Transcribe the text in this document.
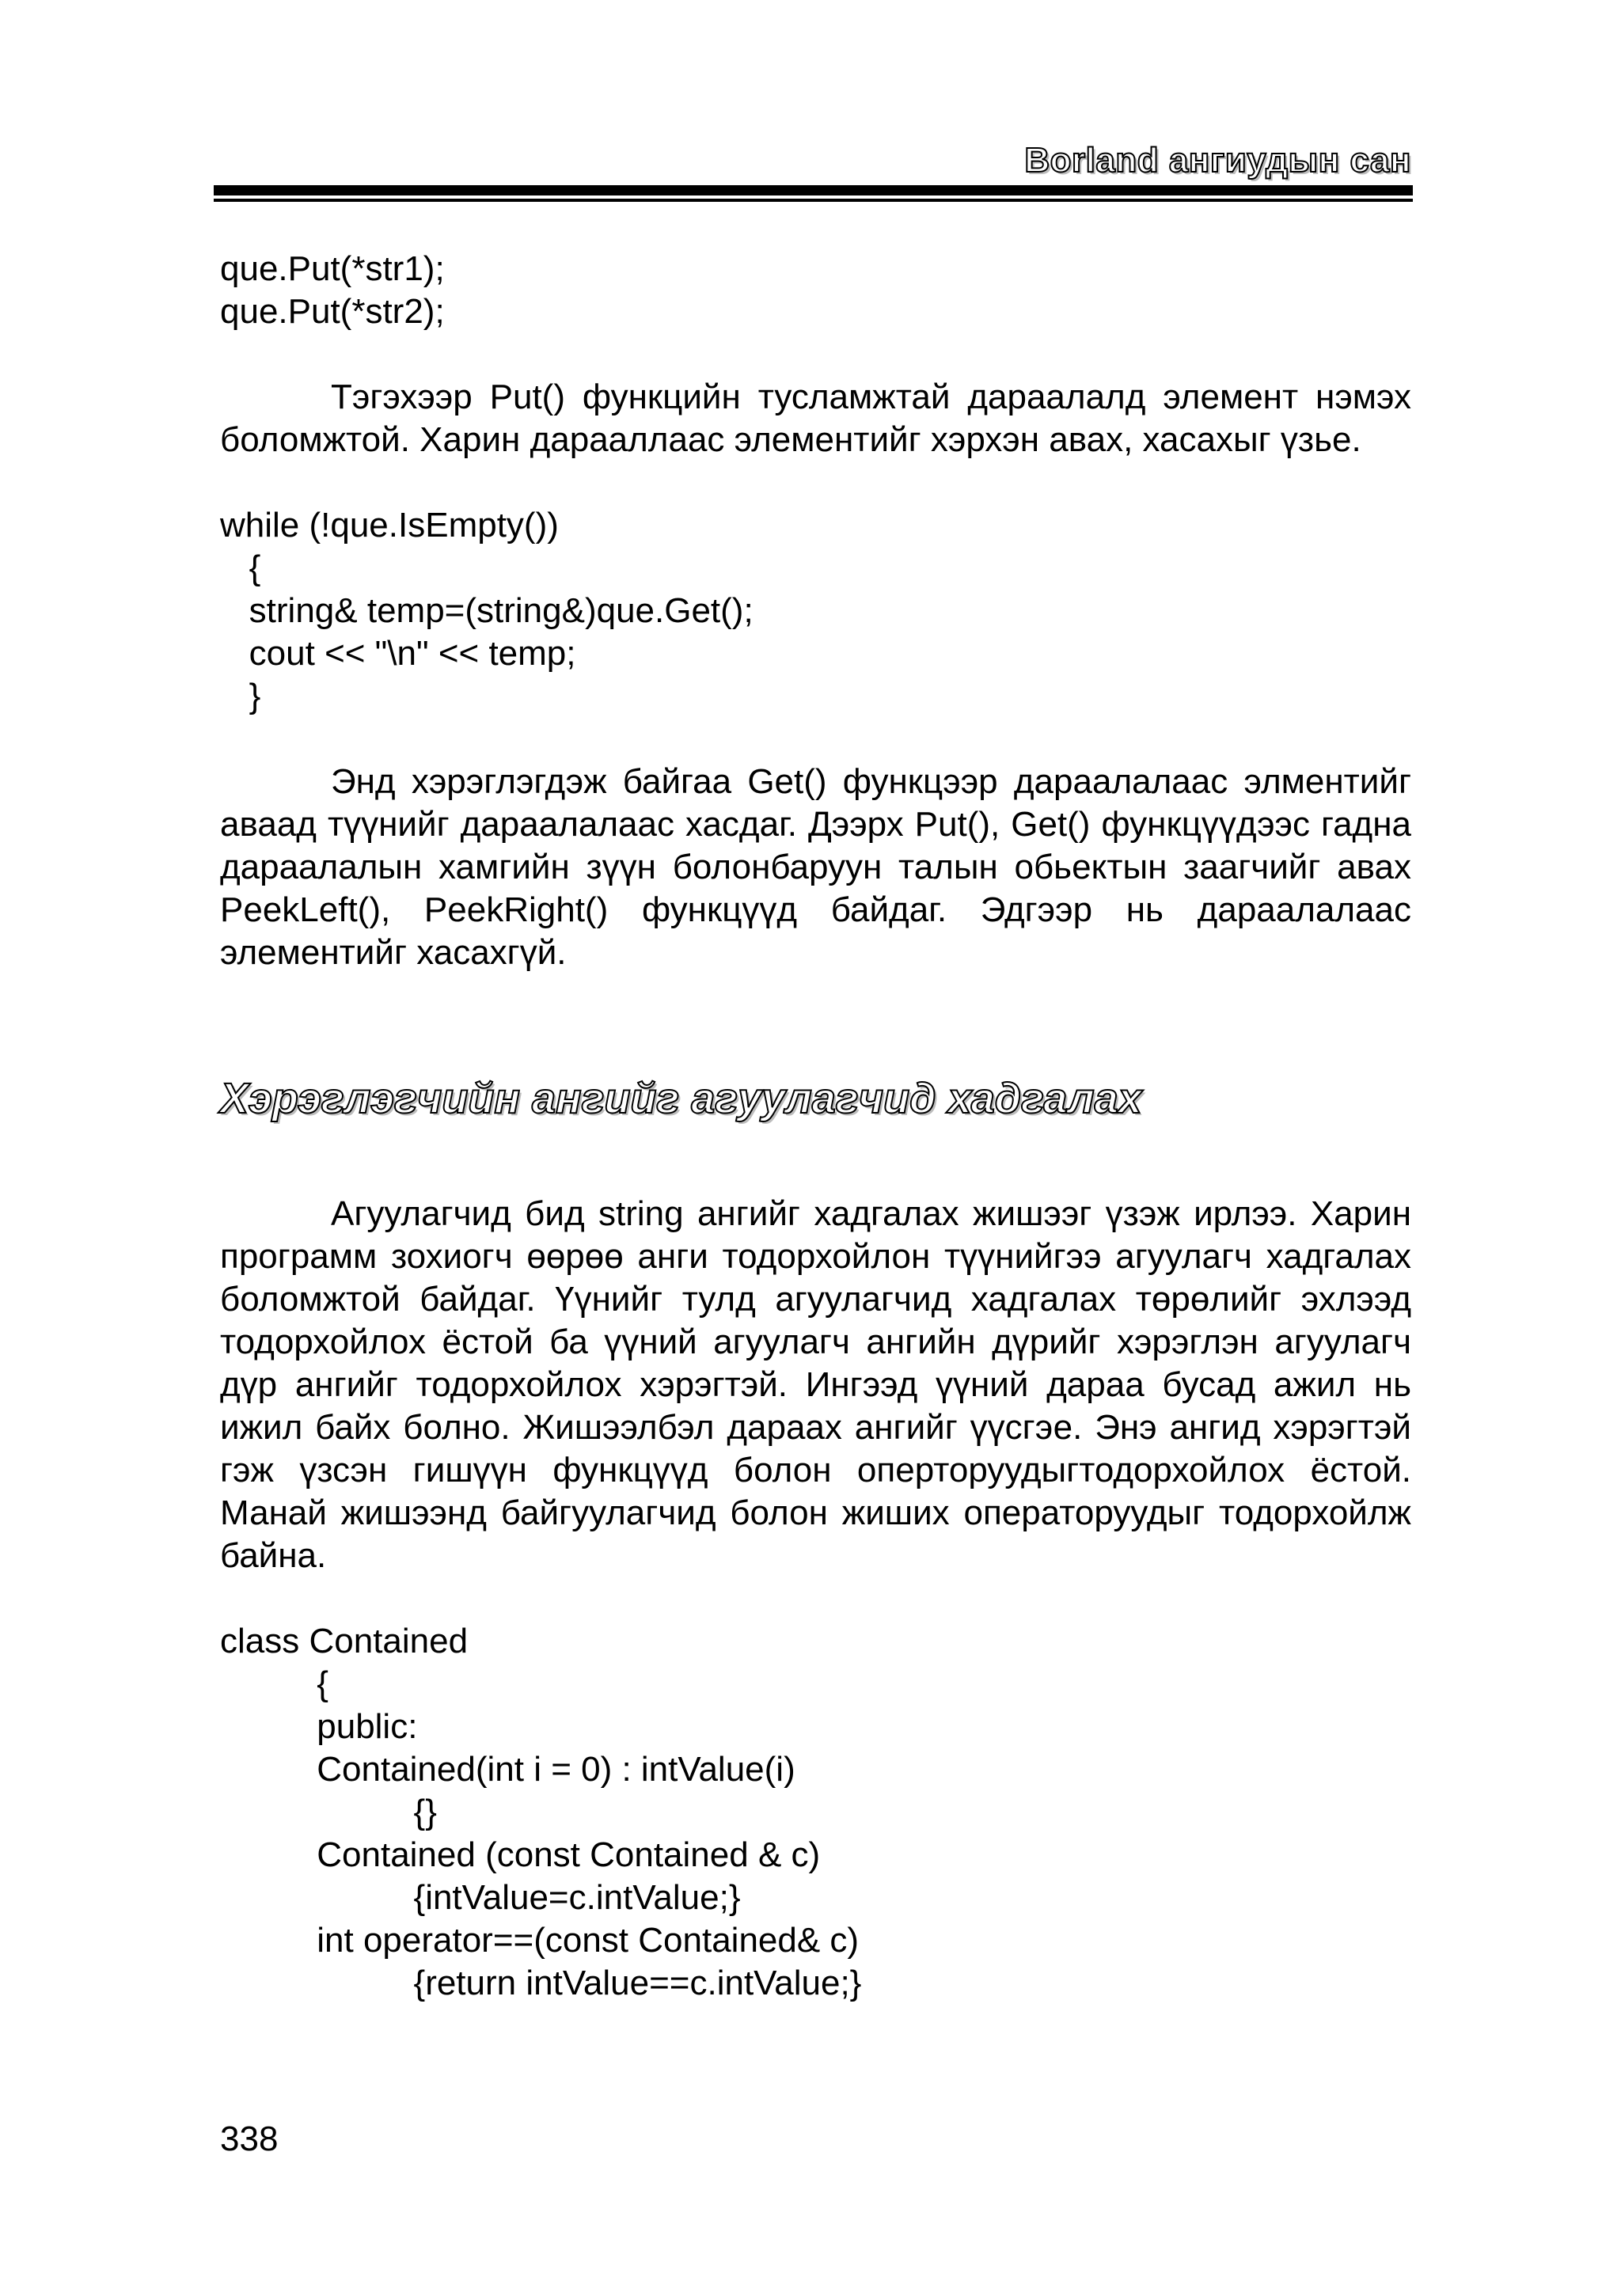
Borland ангиудын сан
que.Put(*str1);
que.Put(*str2);

Тэгэхээр Put() функцийн тусламжтай дараалалд элемент нэмэх боломжтой. Харин дарааллаас элементийг хэрхэн авах, хасахыг үзье.

while (!que.IsEmpty())
{
string& temp=(string&)que.Get();
cout << "\n" << temp;
}

Энд хэрэглэгдэж байгаа Get() функцээр дараалалаас элментийг аваад түүнийг дараалалаас хасдаг. Дээрх Put(), Get() функцүүдээс гадна дараалалын хамгийн зүүн болонбаруун талын обьектын заагчийг авах PeekLeft(), PeekRight() функцүүд байдаг. Эдгээр нь дараалалаас элементийг хасахгүй.

Хэрэглэгчийн ангийг агуулагчид хадгалах

Агуулагчид бид string ангийг хадгалах жишээг үзэж ирлээ. Харин программ зохиогч өөрөө анги тодорхойлон түүнийгээ агуулагч хадгалах боломжтой байдаг. Үүнийг тулд агуулагчид хадгалах төрөлийг эхлээд тодорхойлох ёстой ба үүний агуулагч ангийн дүрийг хэрэглэн агуулагч дүр ангийг тодорхойлох хэрэгтэй. Ингээд үүний дараа бусад ажил нь ижил байх болно. Жишээлбэл дараах ангийг үүсгэе. Энэ ангид хэрэгтэй гэж үзсэн гишүүн функцүүд болон оперторуудыгтодорхойлох ёстой. Манай жишээнд байгуулагчид болон жиших операторуудыг тодорхойлж байна.

class Contained
{
public:
Contained(int i = 0) : intValue(i)
{}
Contained (const Contained & c)
{intValue=c.intValue;}
int operator==(const Contained& c)
{return intValue==c.intValue;}
338
